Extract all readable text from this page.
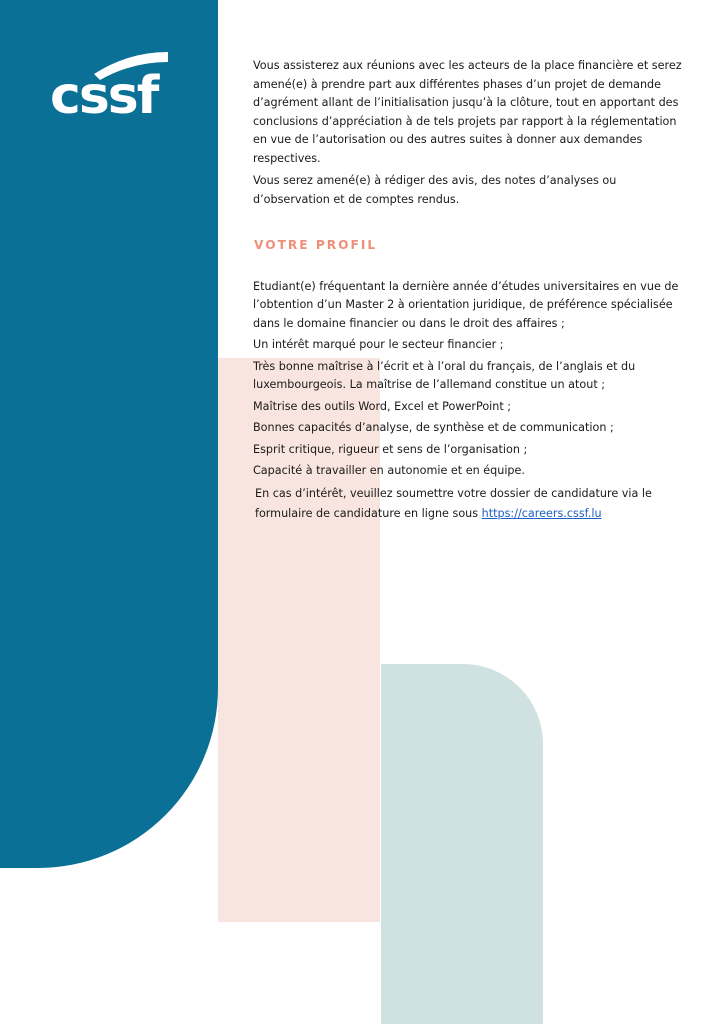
cssf

Vous assisterez aux réunions avec les acteurs de la place financière et serez amené(e) à prendre part aux différentes phases d’un projet de demande d’agrément allant de l’initialisation jusqu’à la clôture, tout en apportant des conclusions d’appréciation à de tels projets par rapport à la réglementation en vue de l’autorisation ou des autres suites à donner aux demandes respectives.

Vous serez amené(e) à rédiger des avis, des notes d’analyses ou d’observation et de comptes rendus.

VOTRE PROFIL

Etudiant(e) fréquentant la dernière année d’études universitaires en vue de l’obtention d’un Master 2 à orientation juridique, de préférence spécialisée dans le domaine financier ou dans le droit des affaires ;

Un intérêt marqué pour le secteur financier ;

Très bonne maîtrise à l’écrit et à l’oral du français, de l’anglais et du luxembourgeois. La maîtrise de l’allemand constitue un atout ;

Maîtrise des outils Word, Excel et PowerPoint ;

Bonnes capacités d’analyse, de synthèse et de communication ;

Esprit critique, rigueur et sens de l’organisation ;

Capacité à travailler en autonomie et en équipe.

En cas d’intérêt, veuillez soumettre votre dossier de candidature via le formulaire de candidature en ligne sous https://careers.cssf.lu
